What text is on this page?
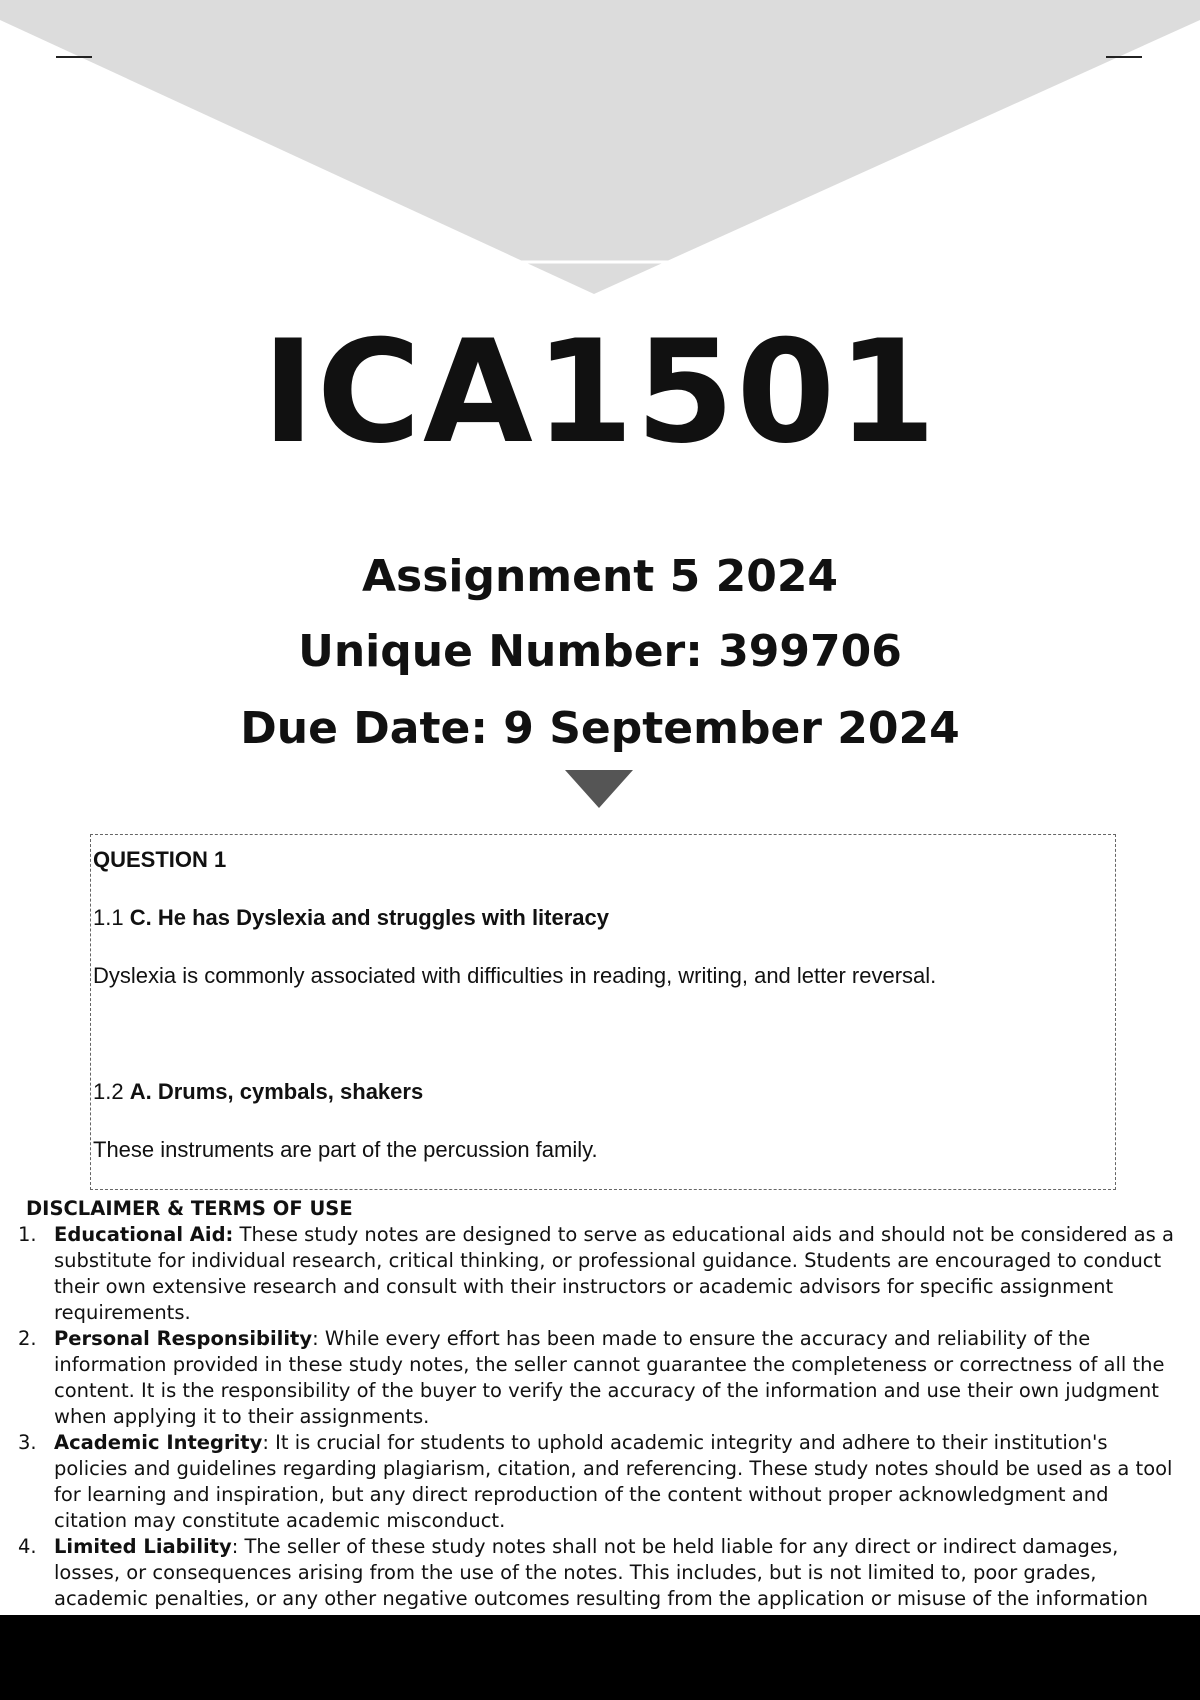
ICA1501
Assignment 5 2024
Unique Number: 399706
Due Date: 9 September 2024
QUESTION 1
1.1 C. He has Dyslexia and struggles with literacy
Dyslexia is commonly associated with difficulties in reading, writing, and letter reversal.
1.2 A. Drums, cymbals, shakers
These instruments are part of the percussion family.
DISCLAIMER & TERMS OF USE
1. Educational Aid: These study notes are designed to serve as educational aids and should not be considered as a substitute for individual research, critical thinking, or professional guidance. Students are encouraged to conduct their own extensive research and consult with their instructors or academic advisors for specific assignment requirements.
2. Personal Responsibility: While every effort has been made to ensure the accuracy and reliability of the information provided in these study notes, the seller cannot guarantee the completeness or correctness of all the content. It is the responsibility of the buyer to verify the accuracy of the information and use their own judgment when applying it to their assignments.
3. Academic Integrity: It is crucial for students to uphold academic integrity and adhere to their institution's policies and guidelines regarding plagiarism, citation, and referencing. These study notes should be used as a tool for learning and inspiration, but any direct reproduction of the content without proper acknowledgment and citation may constitute academic misconduct.
4. Limited Liability: The seller of these study notes shall not be held liable for any direct or indirect damages, losses, or consequences arising from the use of the notes. This includes, but is not limited to, poor grades, academic penalties, or any other negative outcomes resulting from the application or misuse of the information
